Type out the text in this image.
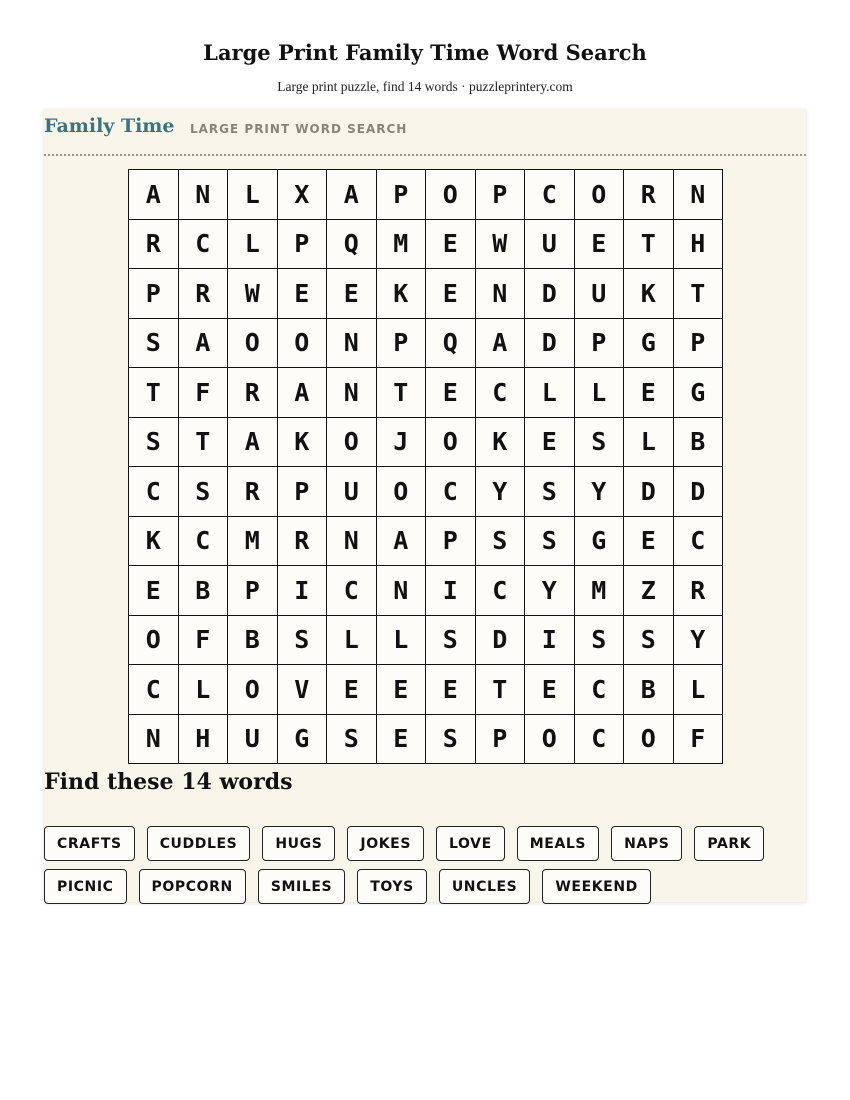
Large Print Family Time Word Search
Large print puzzle, find 14 words · puzzleprintery.com
Family Time LARGE PRINT WORD SEARCH
A	N	L	X	A	P	O	P	C	O	R	N
R	C	L	P	Q	M	E	W	U	E	T	H
P	R	W	E	E	K	E	N	D	U	K	T
S	A	O	O	N	P	Q	A	D	P	G	P
T	F	R	A	N	T	E	C	L	L	E	G
S	T	A	K	O	J	O	K	E	S	L	B
C	S	R	P	U	O	C	Y	S	Y	D	D
K	C	M	R	N	A	P	S	S	G	E	C
E	B	P	I	C	N	I	C	Y	M	Z	R
O	F	B	S	L	L	S	D	I	S	S	Y
C	L	O	V	E	E	E	T	E	C	B	L
N	H	U	G	S	E	S	P	O	C	O	F
Find these 14 words
CRAFTS	CUDDLES	HUGS	JOKES	LOVE	MEALS	NAPS	PARK
PICNIC	POPCORN	SMILES	TOYS	UNCLES	WEEKEND
